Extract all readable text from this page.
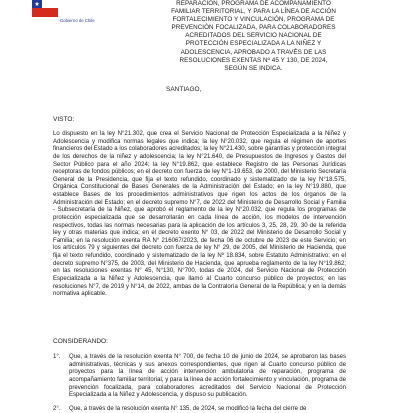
Gobierno de Chile
REPARACIÓN, PROGRAMA DE ACOMPAÑAMIENTO
FAMILIAR TERRITORIAL, Y PARA LA LÍNEA DE ACCIÓN
FORTALECIMIENTO Y VINCULACIÓN, PROGRAMA DE
PREVENCIÓN FOCALIZADA, PARA COLABORADORES
ACREDITADOS DEL SERVICIO NACIONAL DE
PROTECCIÓN ESPECIALIZADA A LA NIÑEZ Y
ADOLESCENCIA, APROBADO A TRAVÉS DE LAS
RESOLUCIONES EXENTAS Nº 45 Y 130, DE 2024,
SEGÚN SE INDICA.
SANTIAGO,
VISTO:
Lo dispuesto en la ley N°21.302, que crea el Servicio Nacional de Protección Especializada a la Niñez y Adolescencia y modifica normas legales que indica; la ley N°20.032, que regula el régimen de aportes financieros del Estado a los colaboradores acreditados; la ley N°21.430, sobre garantías y protección integral de los derechos de la niñez y adolescencia; la ley N°21.640, de Presupuestos de Ingresos y Gastos del Sector Público para el año 2024; la ley N°19.862, que establece Registro de las Personas Jurídicas receptoras de fondos públicos; en el decreto con fuerza de ley N°1-19.653, de 2000, del Ministerio Secretaría General de la Presidencia, que fija el texto refundido, coordinado y sistematizado de la ley N°18.575, Orgánica Constitucional de Bases Generales de la Administración del Estado; en la ley N°19.880, que establece Bases de los procedimientos administrativos que rigen los actos de los órganos de la Administración del Estado; en el decreto supremo N°7, de 2022 del Ministerio de Desarrollo Social y Familia - Subsecretaría de la Niñez, que aprobó el reglamento de la ley N°20.032, que regula los programas de protección especializada que se desarrollarán en cada línea de acción, los modelos de intervención respectivos, todas las normas necesarias para la aplicación de los artículos 3, 25, 28, 29, 30 de la referida ley y otras materias que indica; en el decreto exento N° 03, de 2022 del Ministerio de Desarrollo Social y Familia; en la resolución exenta RA N° 216067/2023, de fecha 06 de octubre de 2023 de este Servicio; en los artículos 79 y siguientes del decreto con fuerza de ley N° 29, de 2005, del Ministerio de Hacienda, que fija el texto refundido, coordinado y sistematizado de la ley Nº 18.834, sobre Estatuto Administrativo; en el decreto supremo N°375, de 2003, del Ministerio de Hacienda, que aprueba reglamento de la ley N°19.862; en las resoluciones exentas N° 45, N°130, N°700, todas de 2024, del Servicio Nacional de Protección Especializada a la Niñez y Adolescencia, que llamó al Cuarto concurso público de proyectos; en las resoluciones N°7, de 2019 y N°14, de 2022, ambas de la Contraloría General de la República; y en la demás normativa aplicable.
CONSIDERANDO:
1°.	Que, a través de la resolución exenta N° 700, de fecha 10 de junio de 2024, se aprobaron las bases administrativas, técnicas y sus anexos correspondientes, que rigen al Cuarto concurso público de proyectos para la línea de acción intervención ambulatoria de reparación, programa de acompañamiento familiar territorial, y para la línea de acción fortalecimiento y vinculación, programa de prevención focalizada, para colaboradores acreditados del Servicio Nacional de Protección Especializada a la Niñez y Adolescencia, y dispuso su publicación.
2°.	Que, a través de la resolución exenta N° 135, de 2024, se modificó la fecha del cierre de
